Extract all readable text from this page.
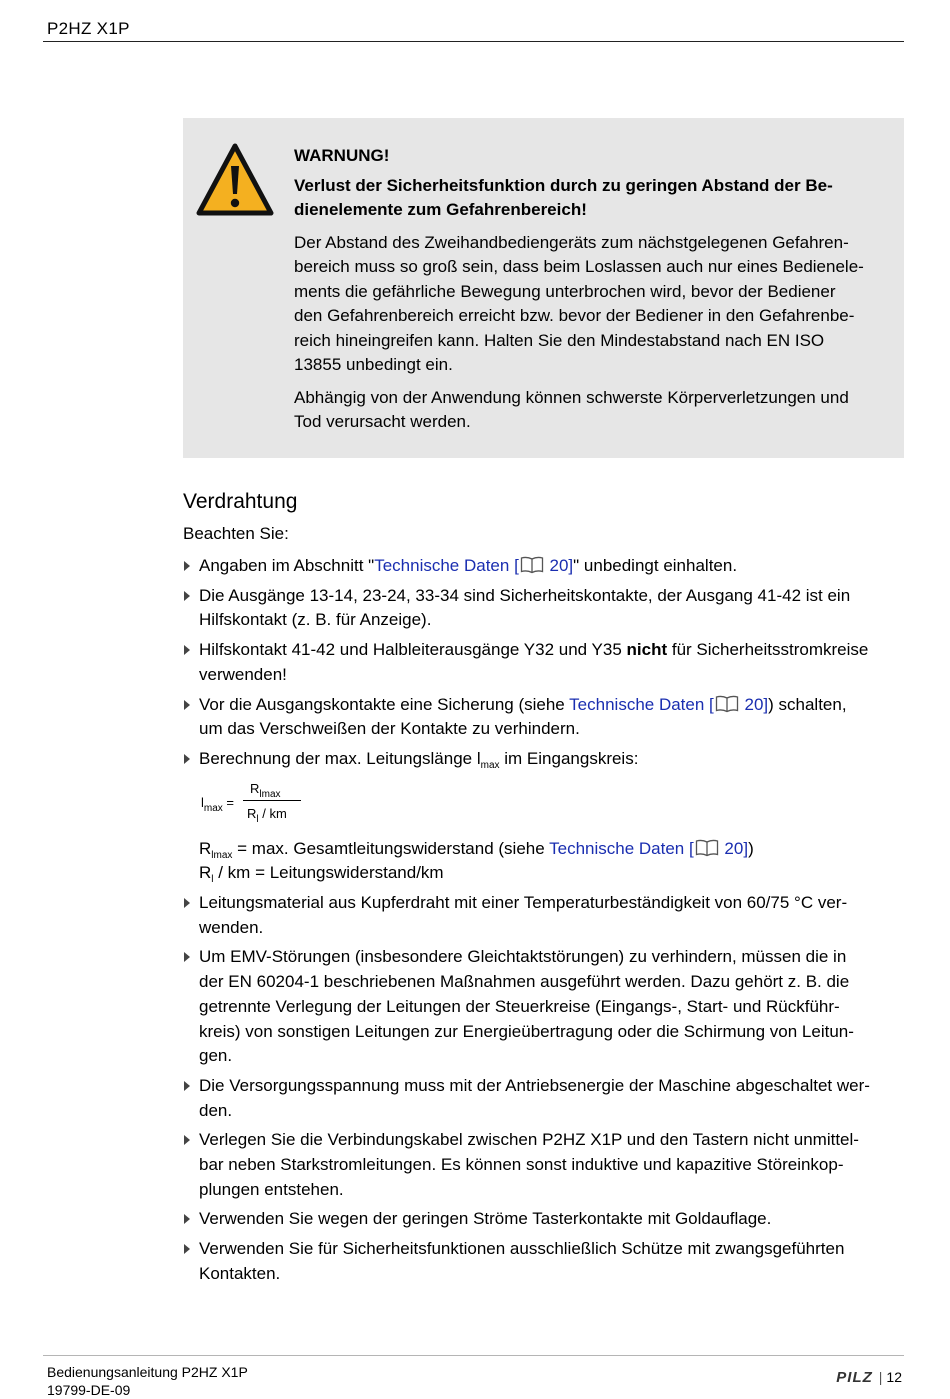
P2HZ X1P

WARNUNG!

Verlust der Sicherheitsfunktion durch zu geringen Abstand der Be-
dienelemente zum Gefahrenbereich!

Der Abstand des Zweihandbediengeräts zum nächstgelegenen Gefahren-
bereich muss so groß sein, dass beim Loslassen auch nur eines Bedienele-
ments die gefährliche Bewegung unterbrochen wird, bevor der Bediener
den Gefahrenbereich erreicht bzw. bevor der Bediener in den Gefahrenbe-
reich hineingreifen kann. Halten Sie den Mindestabstand nach EN ISO
13855 unbedingt ein.

Abhängig von der Anwendung können schwerste Körperverletzungen und
Tod verursacht werden.

Verdrahtung

Beachten Sie:

Angaben im Abschnitt "Technische Daten [ 20]" unbedingt einhalten.
Die Ausgänge 13-14, 23-24, 33-34 sind Sicherheitskontakte, der Ausgang 41-42 ist ein
Hilfskontakt (z. B. für Anzeige).
Hilfskontakt 41-42 und Halbleiterausgänge Y32 und Y35 nicht für Sicherheitsstromkreise
verwenden!
Vor die Ausgangskontakte eine Sicherung (siehe Technische Daten [ 20]) schalten,
um das Verschweißen der Kontakte zu verhindern.
Berechnung der max. Leitungslänge $l_{max}$ im Eingangskreis:
$l_{max}$ =
$R_{lmax}$
$R_l$ / km

$R_{lmax} = \max$. Gesamtleitungswiderstand (siehe Technische Daten [ 20])

$R_l$ / km = Leitungswiderstand/km

Leitungsmaterial aus Kupferdraht mit einer Temperaturbeständigkeit von 60/75 °C ver-
wenden.
Um EMV-Störungen (insbesondere Gleichtaktstörungen) zu verhindern, müssen die in
der EN 60204-1 beschriebenen Maßnahmen ausgeführt werden. Dazu gehört z. B. die
getrennte Verlegung der Leitungen der Steuerkreise (Eingangs-, Start- und Rückführ-
kreis) von sonstigen Leitungen zur Energieübertragung oder die Schirmung von Leitun-
gen.
Die Versorgungsspannung muss mit der Antriebsenergie der Maschine abgeschaltet wer-
den.
Verlegen Sie die Verbindungskabel zwischen P2HZ X1P und den Tastern nicht unmittel-
bar neben Starkstromleitungen. Es können sonst induktive und kapazitive Störeinkop-
plungen entstehen.
Verwenden Sie wegen der geringen Ströme Tasterkontakte mit Goldauflage.
Verwenden Sie für Sicherheitsfunktionen ausschließlich Schütze mit zwangsgeführten
Kontakten.
Bedienungsanleitung P2HZ X1P
19799-DE-09
PILZ | 12
